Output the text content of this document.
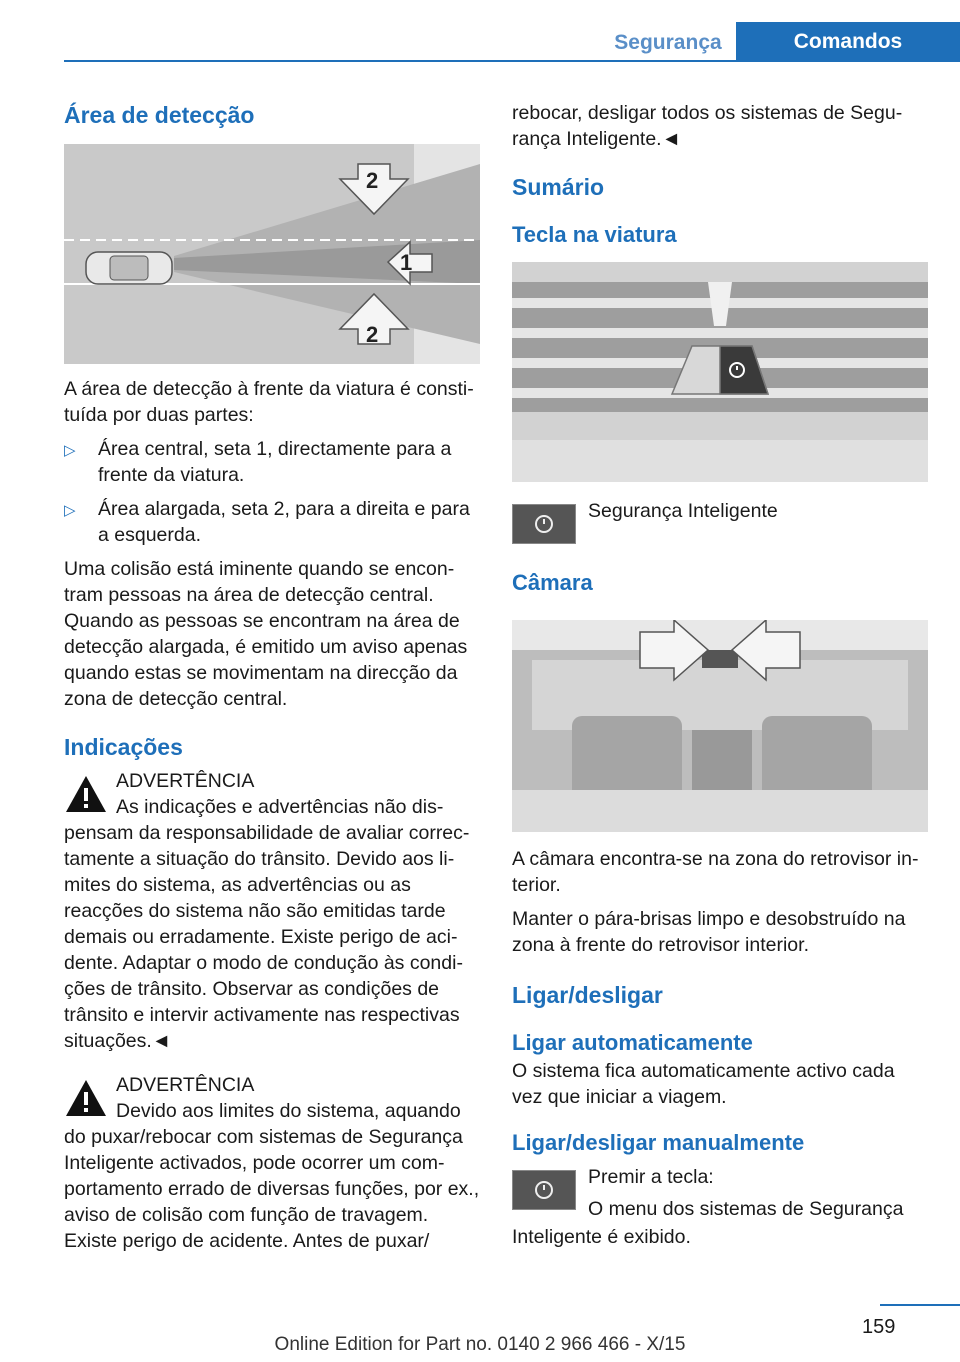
Segurança	Comandos
Área de detecção
2
1
2

A área de detecção à frente da viatura é consti‐tuída por duas partes:

▷ Área central, seta 1, directamente para a frente da viatura.
▷ Área alargada, seta 2, para a direita e para a esquerda.

Uma colisão está iminente quando se encon‐tram pessoas na área de detecção central. Quando as pessoas se encontram na área de detecção alargada, é emitido um aviso apenas quando estas se movimentam na direcção da zona de detecção central.

Indicações
ADVERTÊNCIA
As indicações e advertências não dis‐

pensam da responsabilidade de avaliar correc‐tamente a situação do trânsito. Devido aos li‐mites do sistema, as advertências ou as reacções do sistema não são emitidas tarde demais ou erradamente. Existe perigo de aci‐dente. Adaptar o modo de condução às condi‐ções de trânsito. Observar as condições de trânsito e intervir activamente nas respectivas situações.◄

ADVERTÊNCIA
Devido aos limites do sistema, aquando

do puxar/rebocar com sistemas de Segurança Inteligente activados, pode ocorrer um com‐portamento errado de diversas funções, por ex., aviso de colisão com função de travagem. Existe perigo de acidente. Antes de puxar/

rebocar, desligar todos os sistemas de Segu‐rança Inteligente.◄

Sumário
Tecla na viatura
Segurança Inteligente
Câmara

A câmara encontra-se na zona do retrovisor in‐terior.

Manter o pára-brisas limpo e desobstruído na zona à frente do retrovisor interior.

Ligar/desligar
Ligar automaticamente

O sistema fica automaticamente activo cada vez que iniciar a viagem.

Ligar/desligar manualmente
Premir a tecla:
O menu dos sistemas de Segurança
Inteligente é exibido.
159
Online Edition for Part no. 0140 2 966 466 - X/15
